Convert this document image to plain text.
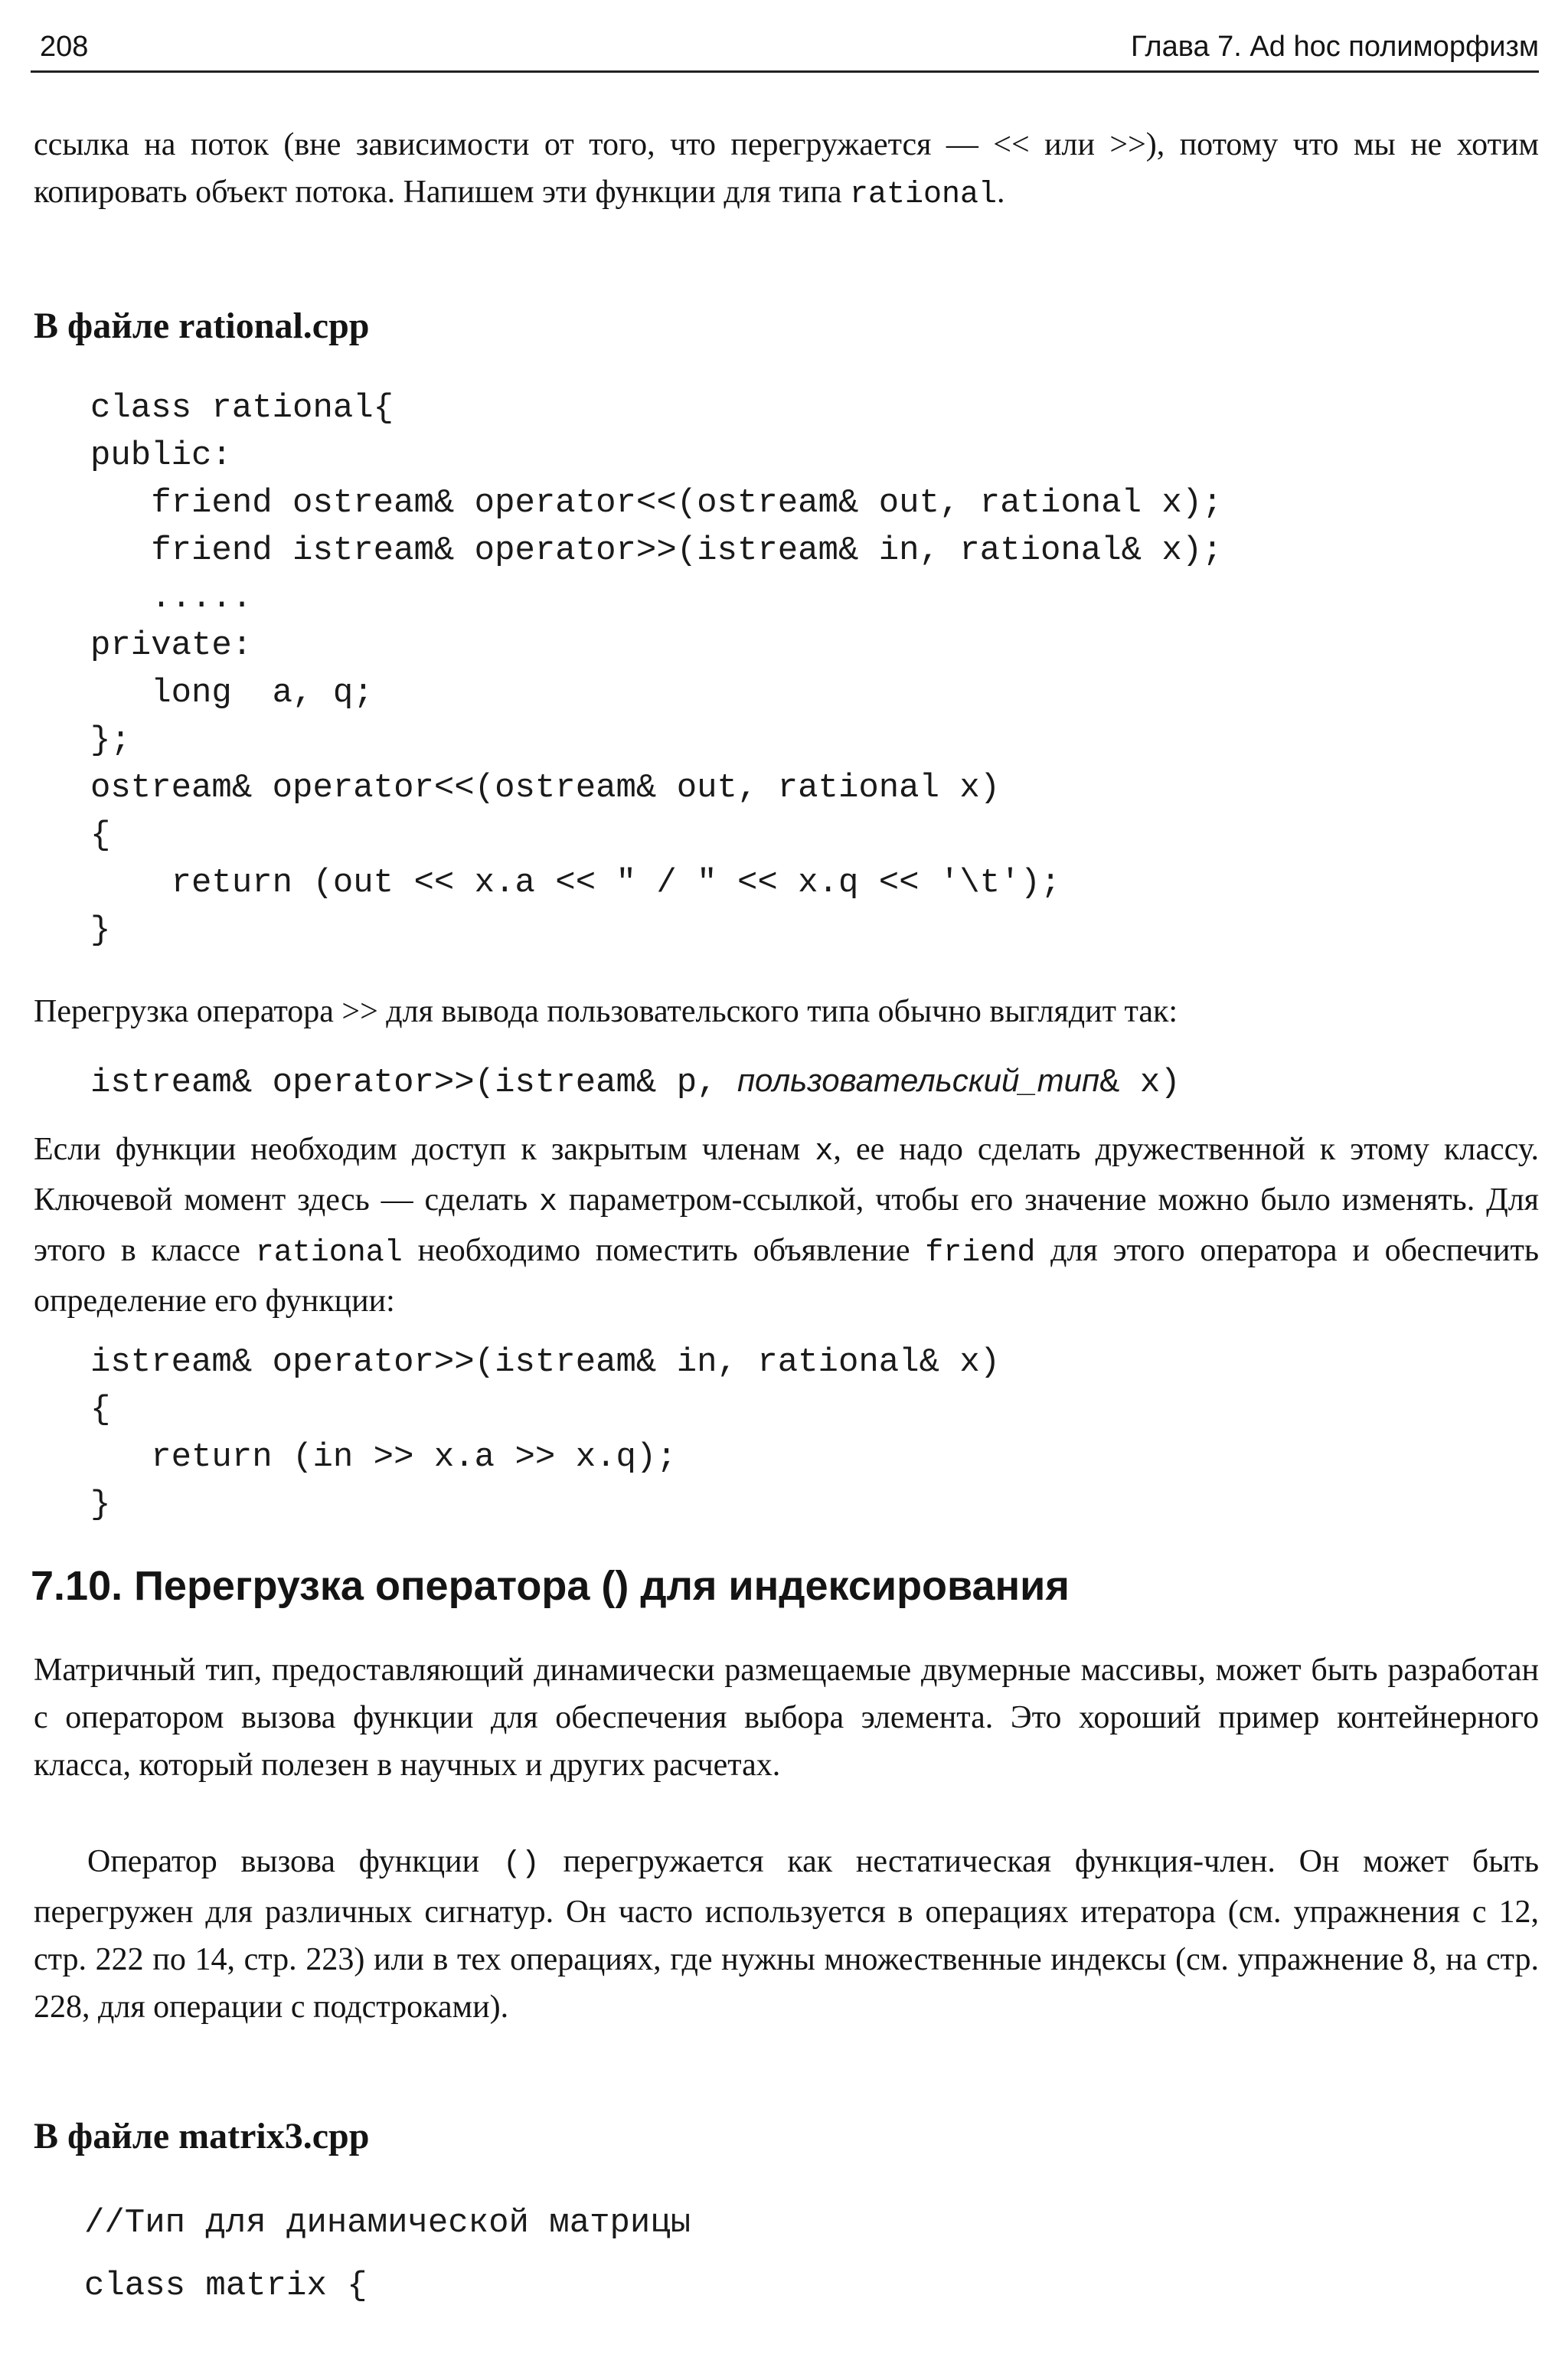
208	Глава 7. Ad hoc полиморфизм

ссылка на поток (вне зависимости от того, что перегружается — << или >>), потому что мы не хотим копировать объект потока. Напишем эти функции для типа rational.

В файле rational.cpp
class rational{
public:
friend ostream& operator<<(ostream& out, rational x);
friend istream& operator>>(istream& in, rational& x);
.....
private:
long  a, q;
};
ostream& operator<<(ostream& out, rational x)
{
return (out << x.a << " / " << x.q << '\t');
}

Перегрузка оператора >> для вывода пользовательского типа обычно выглядит так:

istream& operator>>(istream& p, пользовательский_тип& x)

Если функции необходим доступ к закрытым членам x, ее надо сделать дружественной к этому классу. Ключевой момент здесь — сделать x параметром-ссылкой, чтобы его значение можно было изменять. Для этого в классе rational необходимо поместить объявление friend для этого оператора и обеспечить определение его функции:

istream& operator>>(istream& in, rational& x)
{
return (in >> x.a >> x.q);
}
7.10. Перегрузка оператора () для индексирования

Матричный тип, предоставляющий динамически размещаемые двумерные массивы, может быть разработан с оператором вызова функции для обеспечения выбора элемента. Это хороший пример контейнерного класса, который полезен в научных и других расчетах.

Оператор вызова функции () перегружается как нестатическая функция-член. Он может быть перегружен для различных сигнатур. Он часто используется в операциях итератора (см. упражнения с 12, стр. 222 по 14, стр. 223) или в тех операциях, где нужны множественные индексы (см. упражнение 8, на стр. 228, для операции с подстроками).

В файле matrix3.cpp
//Тип для динамической матрицы
class matrix {
